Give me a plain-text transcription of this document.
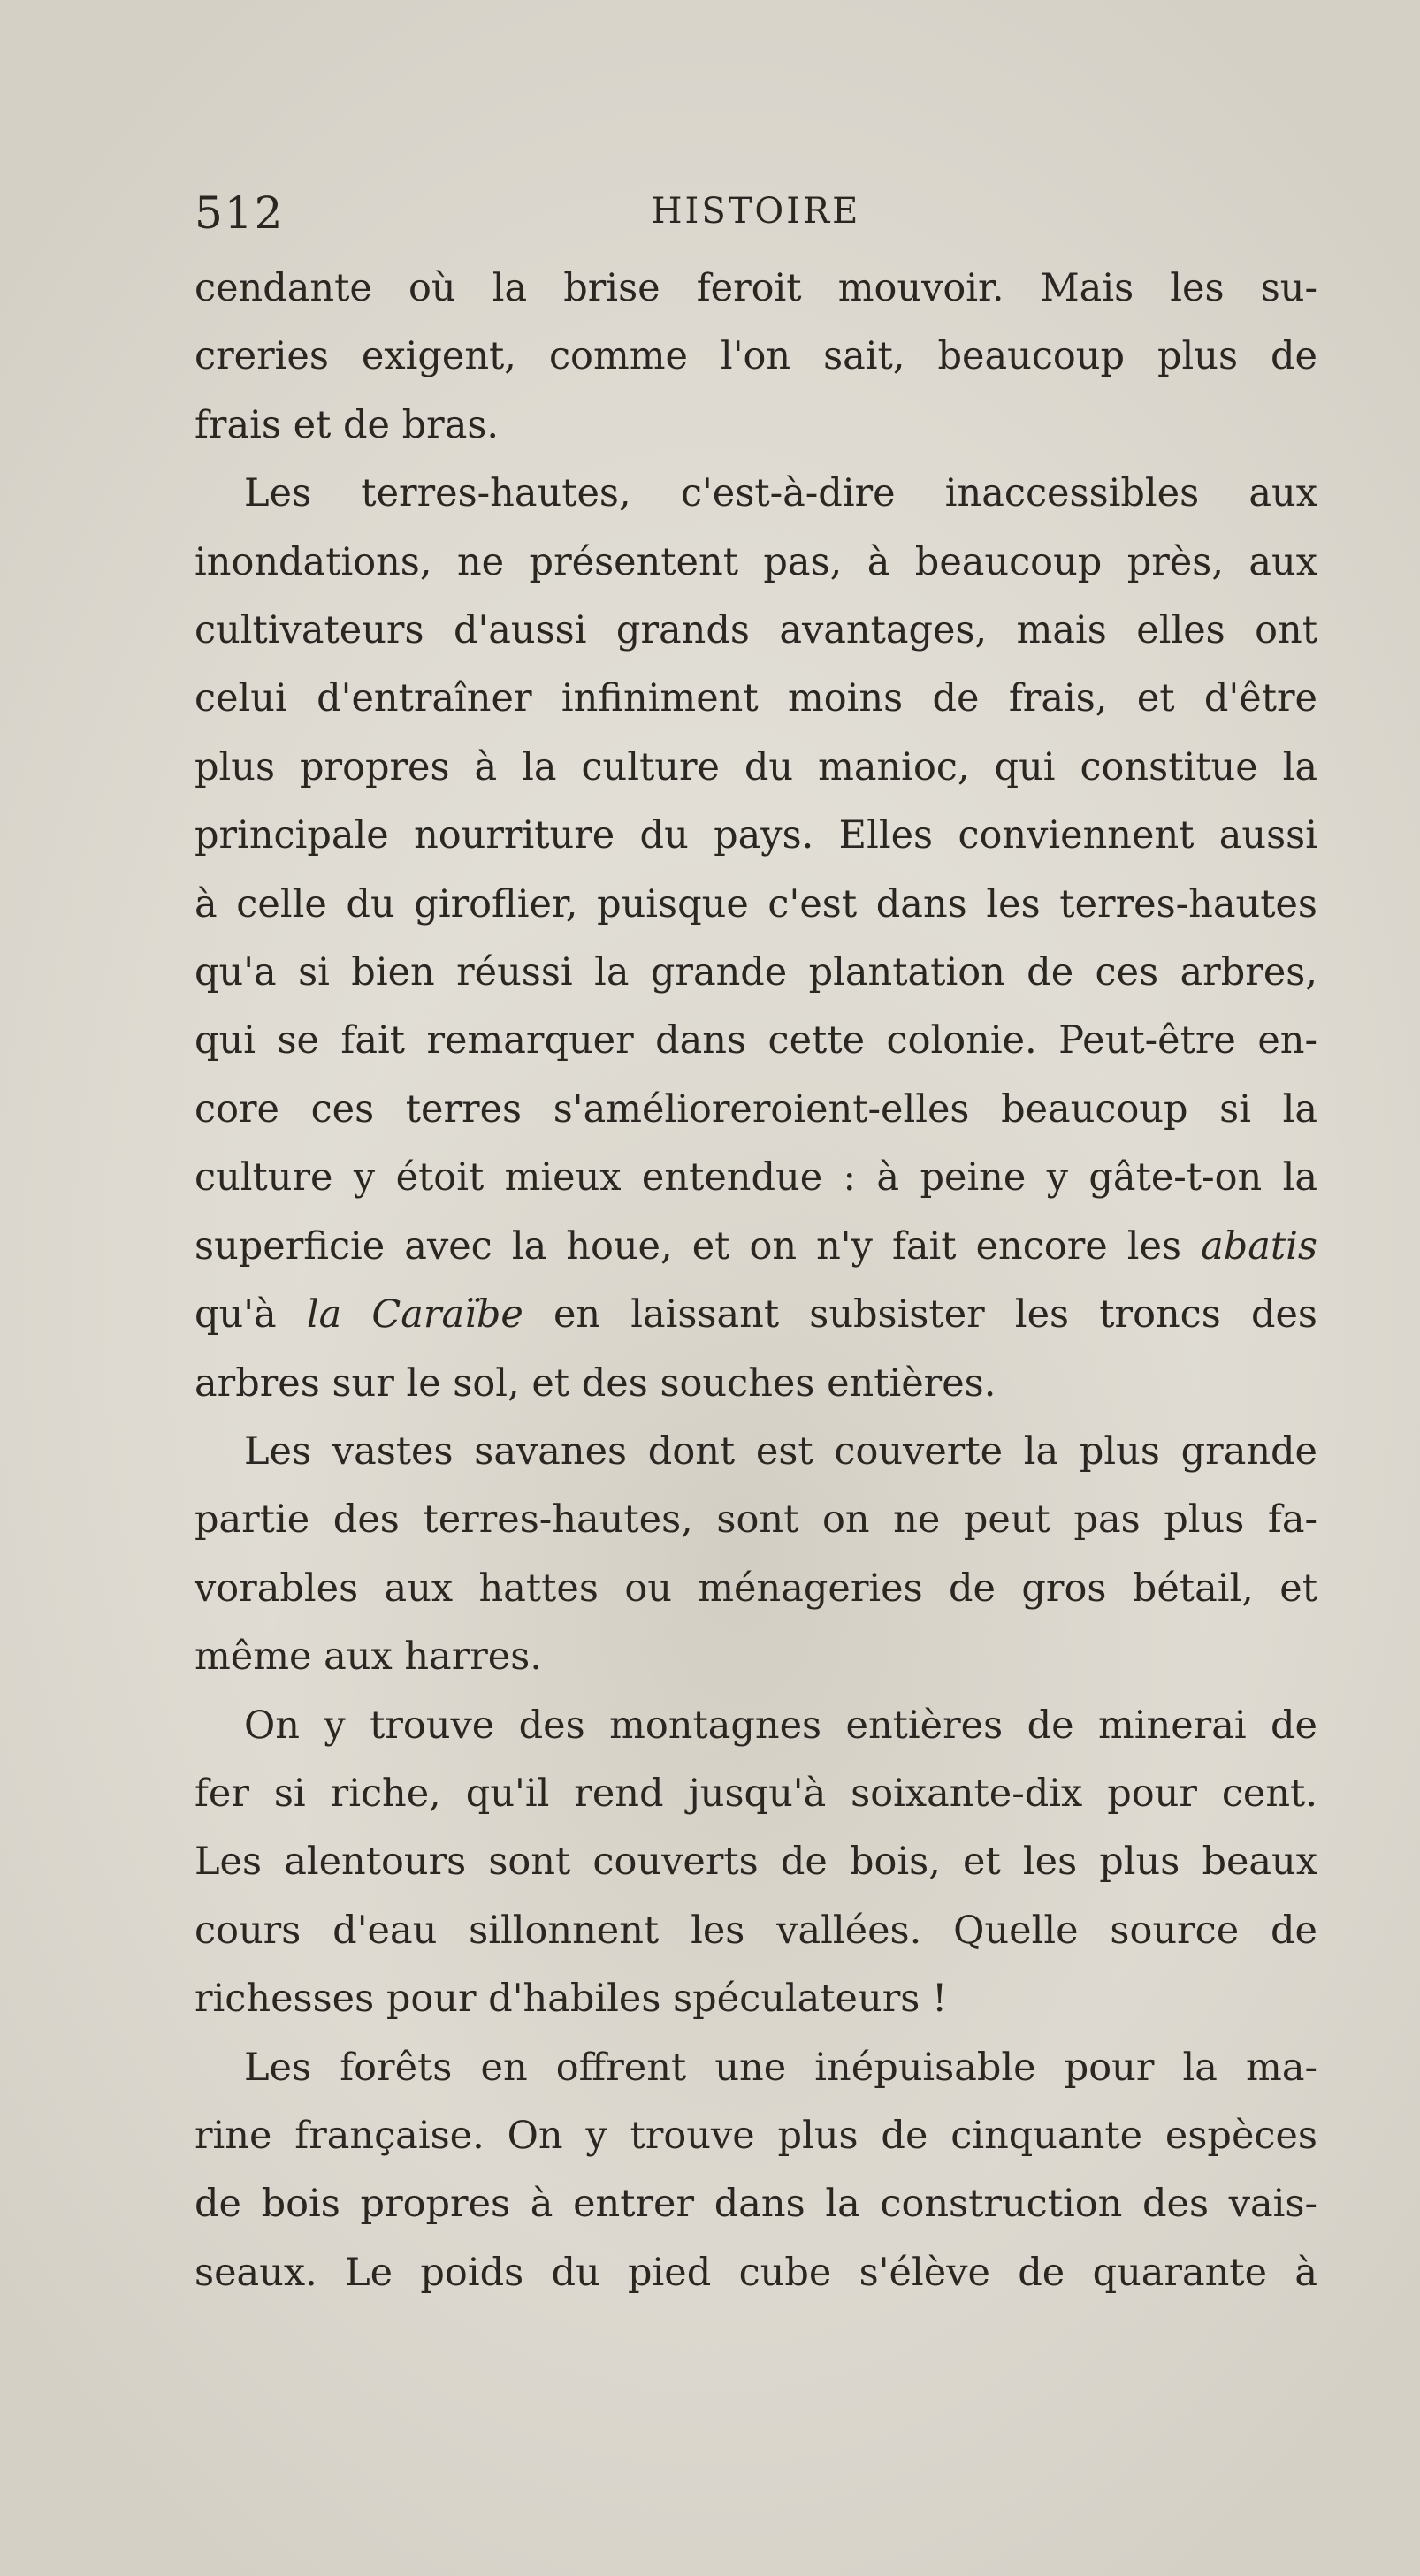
512	HISTOIRE

cendante où la brise feroit mouvoir. Mais les su-
creries exigent, comme l'on sait, beaucoup plus de
frais et de bras.

Les terres-hautes, c'est-à-dire inaccessibles aux
inondations, ne présentent pas, à beaucoup près, aux
cultivateurs d'aussi grands avantages, mais elles ont
celui d'entraîner infiniment moins de frais, et d'être
plus propres à la culture du manioc, qui constitue la
principale nourriture du pays. Elles conviennent aussi
à celle du giroflier, puisque c'est dans les terres-hautes
qu'a si bien réussi la grande plantation de ces arbres,
qui se fait remarquer dans cette colonie. Peut-être en-
core ces terres s'amélioreroient-elles beaucoup si la
culture y étoit mieux entendue : à peine y gâte-t-on la
superficie avec la houe, et on n'y fait encore les abatis
qu'à la Caraïbe en laissant subsister les troncs des
arbres sur le sol, et des souches entières.

Les vastes savanes dont est couverte la plus grande
partie des terres-hautes, sont on ne peut pas plus fa-
vorables aux hattes ou ménageries de gros bétail, et
même aux harres.

On y trouve des montagnes entières de minerai de
fer si riche, qu'il rend jusqu'à soixante-dix pour cent.
Les alentours sont couverts de bois, et les plus beaux
cours d'eau sillonnent les vallées. Quelle source de
richesses pour d'habiles spéculateurs !

Les forêts en offrent une inépuisable pour la ma-
rine française. On y trouve plus de cinquante espèces
de bois propres à entrer dans la construction des vais-
seaux. Le poids du pied cube s'élève de quarante à
